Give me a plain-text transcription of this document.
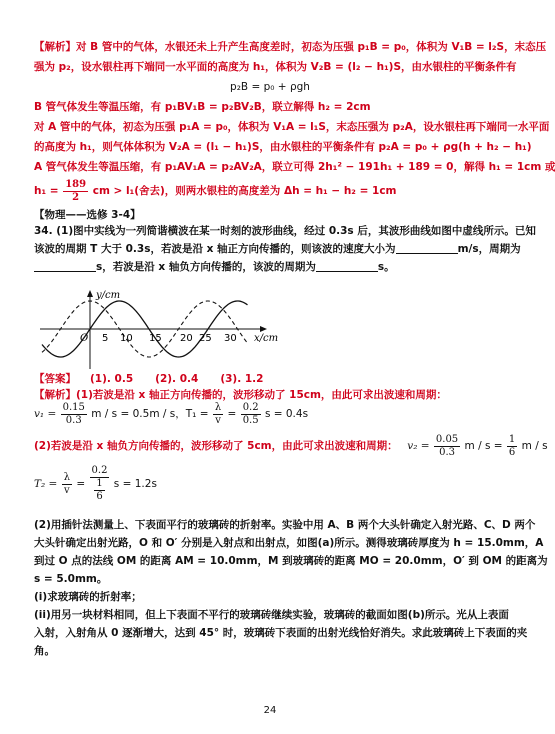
【解析】对 B 管中的气体，水银还未上升产生高度差时，初态为压强 p₁B = p₀，体积为 V₁B = l₂S，末态压
强为 p₂，设水银柱再下端同一水平面的高度为 h₁，体积为 V₂B = (l₂ − h₁)S，由水银柱的平衡条件有
p₂B = p₀ + ρgh
B 管气体发生等温压缩，有 p₁BV₁B = p₂BV₂B，联立解得 h₂ = 2cm
对 A 管中的气体，初态为压强 p₁A = p₀，体积为 V₁A = l₁S，末态压强为 p₂A，设水银柱再下端同一水平面
的高度为 h₁，则气体体积为 V₂A = (l₁ − h₁)S，由水银柱的平衡条件有 p₂A = p₀ + ρg(h + h₂ − h₁)
A 管气体发生等温压缩，有 p₁AV₁A = p₂AV₂A，联立可得 2h₁² − 191h₁ + 189 = 0，解得 h₁ = 1cm 或
$h_1 = \frac{189}{2}$ cm > l₁(舍去)，则两水银柱的高度差为 Δh = h₁ − h₂ = 1cm
【物理——选修 3-4】
34. (1)图中实线为一列简谐横波在某一时刻的波形曲线，经过 0.3s 后，其波形曲线如图中虚线所示。已知
该波的周期 T 大于 0.3s，若波是沿 x 轴正方向传播的，则该波的速度大小为	m/s，周期为
s，若波是沿 x 轴负方向传播的，该波的周期为	s。
y/cm
x/cm
O 5 10 15 20 25 30
【答案】 (1). 0.5 (2). 0.4 (3). 1.2
【解析】(1)若波是沿 x 轴正方向传播的，波形移动了 15cm，由此可求出波速和周期：
$v_1 = \frac{0.15}{0.3}$ m / s = 0.5m / s，$T_1 = \frac{\lambda}{v} = \frac{0.2}{0.5}$ s = 0.4s
(2)若波是沿 x 轴负方向传播的，波形移动了 5cm，由此可求出波速和周期： $v_2 = \frac{0.05}{0.3}$ $m / s = \frac{1}{6}$ m / s
$T_2 = \frac{\lambda}{v} = \frac{0.2}{\frac{1}{6}}$ s = 1.2s
(2)用插针法测量上、下表面平行的玻璃砖的折射率。实验中用 A、B 两个大头针确定入射光路、C、D 两个
大头针确定出射光路，O 和 O′ 分别是入射点和出射点，如图(a)所示。测得玻璃砖厚度为 h = 15.0mm，A
到过 O 点的法线 OM 的距离 AM = 10.0mm，M 到玻璃砖的距离 MO = 20.0mm，O′ 到 OM 的距离为
s = 5.0mm。
(i)求玻璃砖的折射率；
(ii)用另一块材料相同，但上下表面不平行的玻璃砖继续实验，玻璃砖的截面如图(b)所示。光从上表面
入射，入射角从 0 逐渐增大，达到 45° 时，玻璃砖下表面的出射光线恰好消失。求此玻璃砖上下表面的夹
角。
24
